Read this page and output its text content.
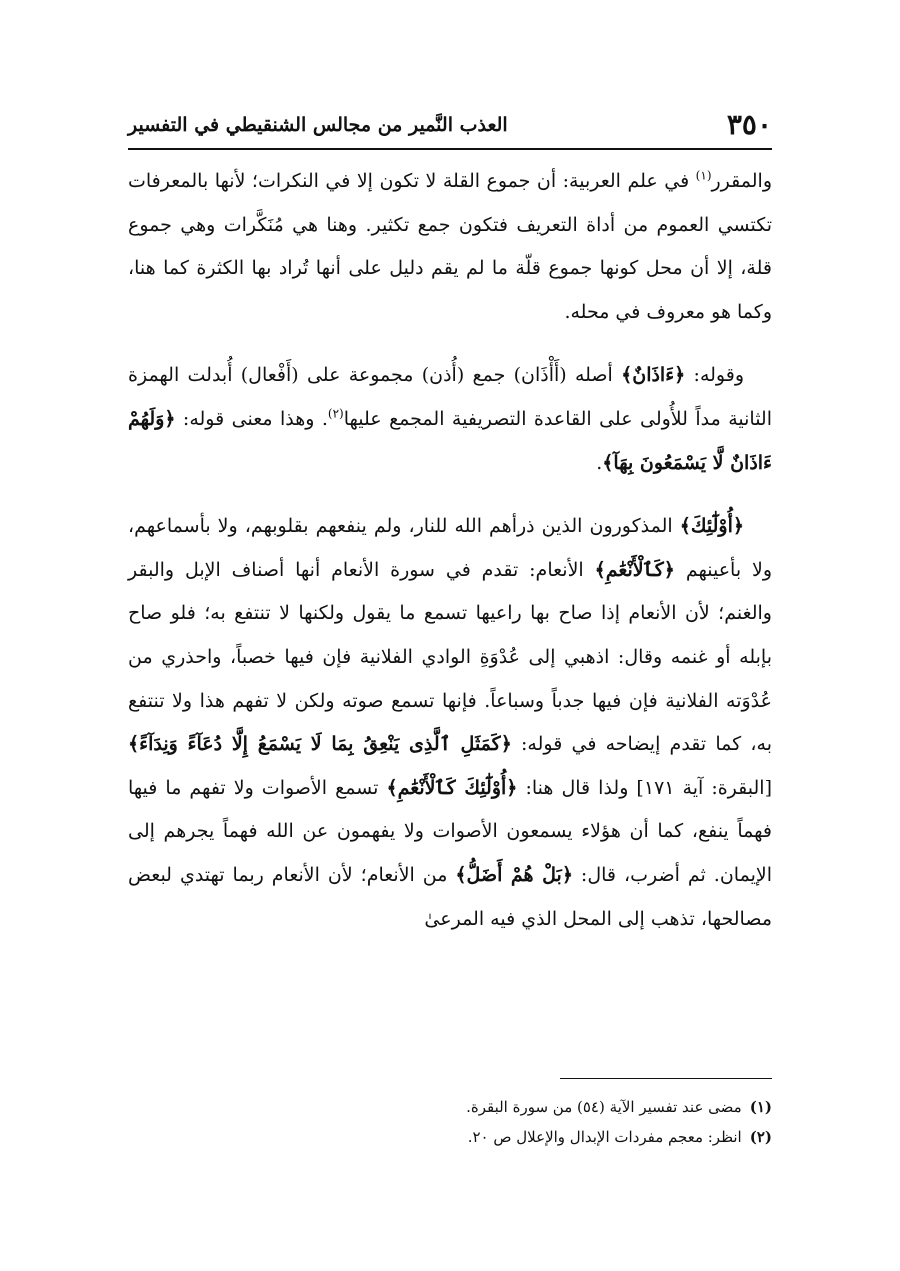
٣٥٠
العذب النَّمير من مجالس الشنقيطي في التفسير

والمقرر$^{(١)}$ في علم العربية: أن جموع القلة لا تكون إلا في النكرات؛ لأنها بالمعرفات تكتسي العموم من أداة التعريف فتكون جمع تكثير. وهنا هي مُنَكَّرات وهي جموع قلة، إلا أن محل كونها جموع قلّة ما لم يقم دليل على أنها تُراد بها الكثرة كما هنا، وكما هو معروف في محله.

وقوله: ﴿ءَاذَانٌ﴾ أصله (أَأْذَان) جمع (أُذن) مجموعة على (أَفْعال) أُبدلت الهمزة الثانية مداً للأُولى على القاعدة التصريفية المجمع عليها$^{(٢)}$. وهذا معنى قوله: ﴿وَلَهُمْ ءَاذَانٌ لَّا يَسْمَعُونَ بِهَآ﴾.

﴿أُوْلَٰٓئِكَ﴾ المذكورون الذين ذرأهم الله للنار، ولم ينفعهم بقلوبهم، ولا بأسماعهم، ولا بأعينهم ﴿كَٱلْأَنْعَٰمِ﴾ الأنعام: تقدم في سورة الأنعام أنها أصناف الإبل والبقر والغنم؛ لأن الأنعام إذا صاح بها راعيها تسمع ما يقول ولكنها لا تنتفع به؛ فلو صاح بإبله أو غنمه وقال: اذهبي إلى عُدْوَةِ الوادي الفلانية فإن فيها خصباً، واحذري من عُدْوَته الفلانية فإن فيها جدباً وسباعاً. فإنها تسمع صوته ولكن لا تفهم هذا ولا تنتفع به، كما تقدم إيضاحه في قوله: ﴿كَمَثَلِ ٱلَّذِى يَنْعِقُ بِمَا لَا يَسْمَعُ إِلَّا دُعَآءً وَنِدَآءً﴾ [البقرة: آية ١٧١] ولذا قال هنا: ﴿أُوْلَٰٓئِكَ كَٱلْأَنْعَٰمِ﴾ تسمع الأصوات ولا تفهم ما فيها فهماً ينفع، كما أن هؤلاء يسمعون الأصوات ولا يفهمون عن الله فهماً يجرهم إلى الإيمان. ثم أضرب، قال: ﴿بَلْ هُمْ أَضَلُّ﴾ من الأنعام؛ لأن الأنعام ربما تهتدي لبعض مصالحها، تذهب إلى المحل الذي فيه المرعىٰ

(١)مضى عند تفسير الآية (٥٤) من سورة البقرة.

(٢)انظر: معجم مفردات الإبدال والإعلال ص ٢٠.
